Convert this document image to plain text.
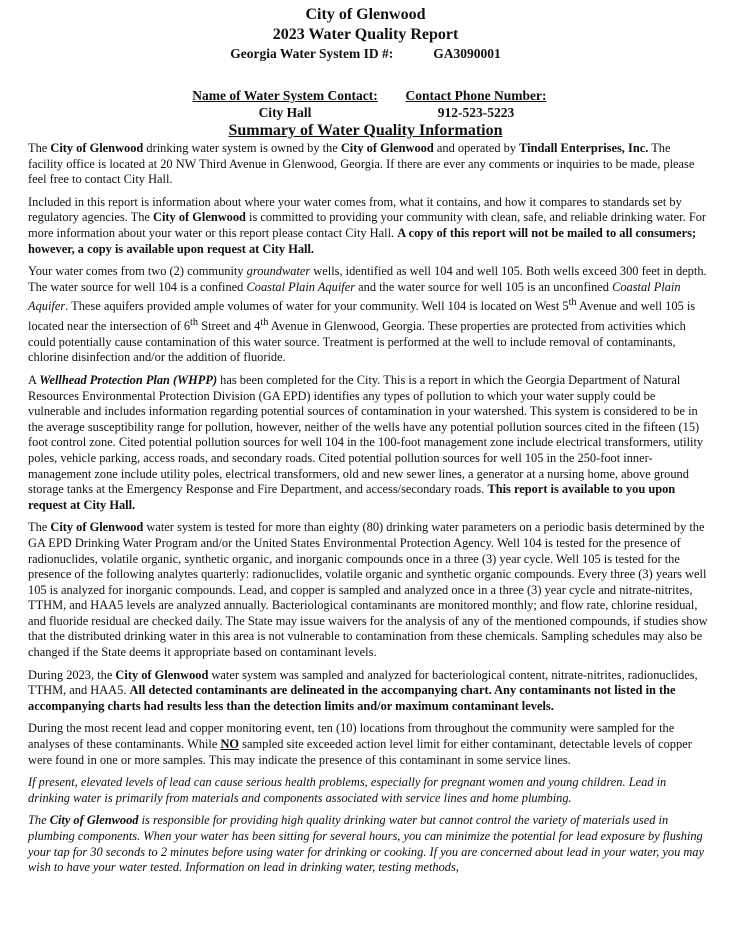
City of Glenwood
2023 Water Quality Report
Georgia Water System ID #:	GA3090001
Name of Water System Contact:
City Hall
Contact Phone Number:
912-523-5223
Summary of Water Quality Information

The City of Glenwood drinking water system is owned by the City of Glenwood and operated by Tindall Enterprises, Inc. The facility office is located at 20 NW Third Avenue in Glenwood, Georgia. If there are ever any comments or inquiries to be made, please feel free to contact City Hall.

Included in this report is information about where your water comes from, what it contains, and how it compares to standards set by regulatory agencies. The City of Glenwood is committed to providing your community with clean, safe, and reliable drinking water. For more information about your water or this report please contact City Hall. A copy of this report will not be mailed to all consumers; however, a copy is available upon request at City Hall.

Your water comes from two (2) community groundwater wells, identified as well 104 and well 105. Both wells exceed 300 feet in depth. The water source for well 104 is a confined Coastal Plain Aquifer and the water source for well 105 is an unconfined Coastal Plain Aquifer. These aquifers provided ample volumes of water for your community. Well 104 is located on West 5th Avenue and well 105 is located near the intersection of 6th Street and 4th Avenue in Glenwood, Georgia. These properties are protected from activities which could potentially cause contamination of this water source. Treatment is performed at the well to include removal of contaminants, chlorine disinfection and/or the addition of fluoride.

A Wellhead Protection Plan (WHPP) has been completed for the City. This is a report in which the Georgia Department of Natural Resources Environmental Protection Division (GA EPD) identifies any types of pollution to which your water supply could be vulnerable and includes information regarding potential sources of contamination in your watershed. This system is considered to be in the average susceptibility range for pollution, however, neither of the wells have any potential pollution sources cited in the fifteen (15) foot control zone. Cited potential pollution sources for well 104 in the 100-foot management zone include electrical transformers, utility poles, vehicle parking, access roads, and secondary roads. Cited potential pollution sources for well 105 in the 250-foot inner-management zone include utility poles, electrical transformers, old and new sewer lines, a generator at a nursing home, above ground storage tanks at the Emergency Response and Fire Department, and access/secondary roads. This report is available to you upon request at City Hall.

The City of Glenwood water system is tested for more than eighty (80) drinking water parameters on a periodic basis determined by the GA EPD Drinking Water Program and/or the United States Environmental Protection Agency. Well 104 is tested for the presence of radionuclides, volatile organic, synthetic organic, and inorganic compounds once in a three (3) year cycle. Well 105 is tested for the presence of the following analytes quarterly: radionuclides, volatile organic and synthetic organic compounds. Every three (3) years well 105 is analyzed for inorganic compounds. Lead, and copper is sampled and analyzed once in a three (3) year cycle and nitrate-nitrites, TTHM, and HAA5 levels are analyzed annually. Bacteriological contaminants are monitored monthly; and flow rate, chlorine residual, and fluoride residual are checked daily. The State may issue waivers for the analysis of any of the mentioned compounds, if studies show that the distributed drinking water in this area is not vulnerable to contamination from these chemicals. Sampling schedules may also be changed if the State deems it appropriate based on contaminant levels.

During 2023, the City of Glenwood water system was sampled and analyzed for bacteriological content, nitrate-nitrites, radionuclides, TTHM, and HAA5. All detected contaminants are delineated in the accompanying chart. Any contaminants not listed in the accompanying charts had results less than the detection limits and/or maximum contaminant levels.

During the most recent lead and copper monitoring event, ten (10) locations from throughout the community were sampled for the analyses of these contaminants. While NO sampled site exceeded action level limit for either contaminant, detectable levels of copper were found in one or more samples. This may indicate the presence of this contaminant in some service lines.

If present, elevated levels of lead can cause serious health problems, especially for pregnant women and young children. Lead in drinking water is primarily from materials and components associated with service lines and home plumbing.

The City of Glenwood is responsible for providing high quality drinking water but cannot control the variety of materials used in plumbing components. When your water has been sitting for several hours, you can minimize the potential for lead exposure by flushing your tap for 30 seconds to 2 minutes before using water for drinking or cooking. If you are concerned about lead in your water, you may wish to have your water tested. Information on lead in drinking water, testing methods,
